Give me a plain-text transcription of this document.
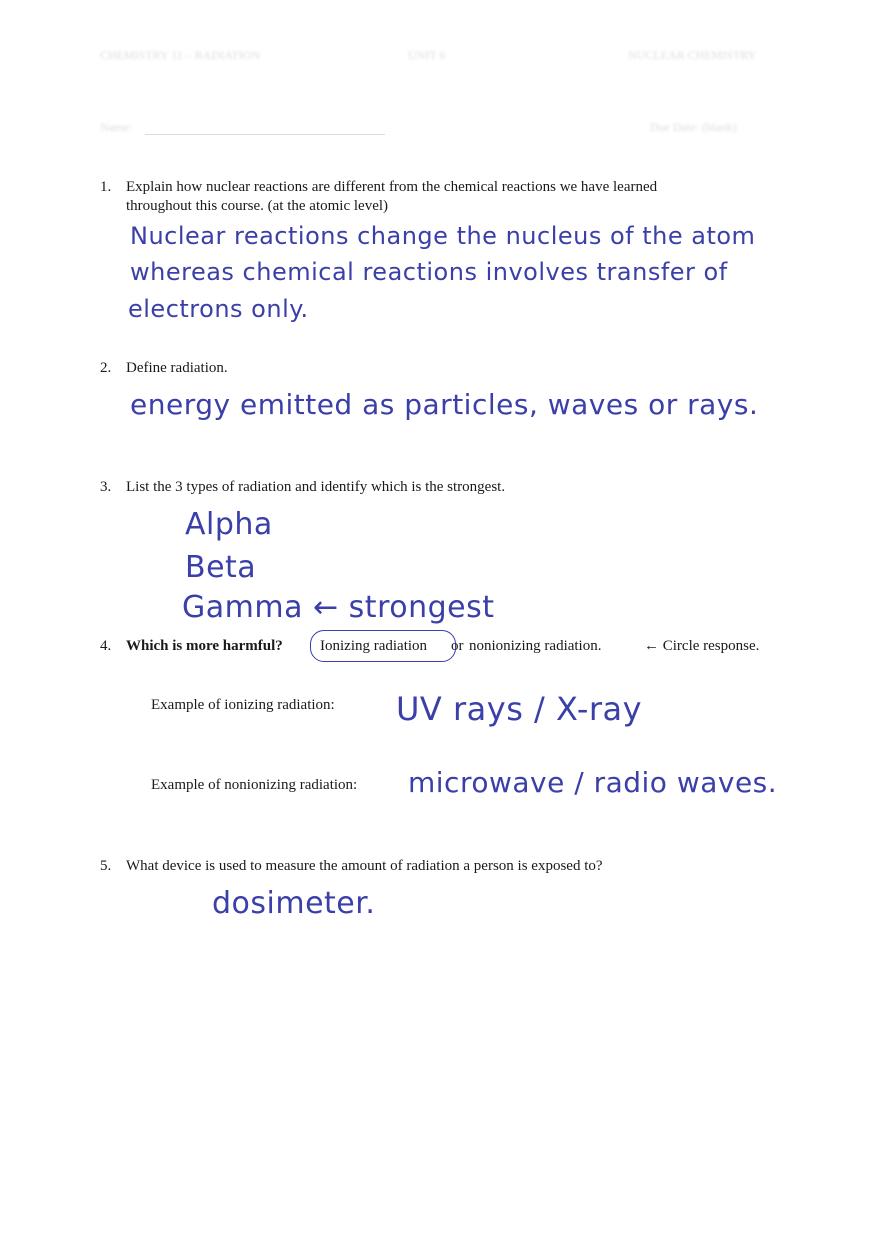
CHEMISTRY 11 – RADIATION	UNIT 6	NUCLEAR CHEMISTRY
Name:	Due Date: (blank)
1. Explain how nuclear reactions are different from the chemical reactions we have learned
throughout this course. (at the atomic level)
Nuclear reactions change the nucleus of the atom
whereas chemical reactions involves transfer of
electrons only.
2. Define radiation.
energy emitted as particles, waves or rays.
3. List the 3 types of radiation and identify which is the strongest.
Alpha
Beta
Gamma ← strongest
4. Which is more harmful? Ionizing radiation or nonionizing radiation.	← Circle response.
Example of ionizing radiation: UV rays / X-ray
Example of nonionizing radiation: microwave / radio waves.
5. What device is used to measure the amount of radiation a person is exposed to?
dosimeter.
